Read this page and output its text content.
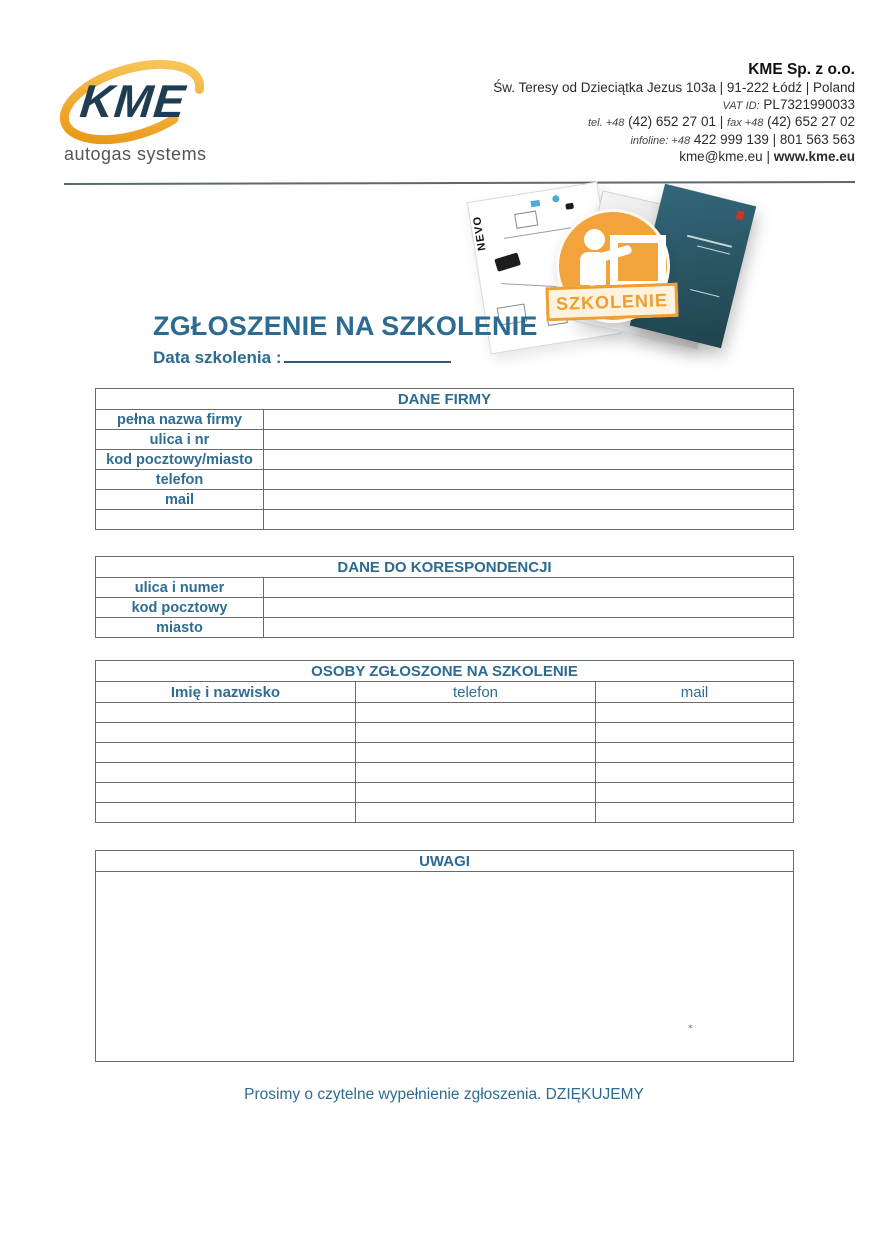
KME
autogas systems
KME Sp. z o.o.
Św. Teresy od Dzieciątka Jezus 103a | 91-222 Łódź | Poland
VAT ID: PL7321990033
tel. +48 (42) 652 27 01 | fax +48 (42) 652 27 02
infoline: +48 422 999 139 | 801 563 563
kme@kme.eu | www.kme.eu
NEVO
SZKOLENIE
ZGŁOSZENIE NA SZKOLENIE
Data szkolenia :
DANE FIRMY	
pełna nazwa firmy	
ulica i nr	
kod pocztowy/miasto	
telefon	
mail	

DANE DO KORESPONDENCJI	
ulica i numer	
kod pocztowy	
miasto	
OSOBY ZGŁOSZONE NA SZKOLENIE		
Imię i nazwisko	telefon	mail

UWAGI

⁎
Prosimy o czytelne wypełnienie zgłoszenia. DZIĘKUJEMY
